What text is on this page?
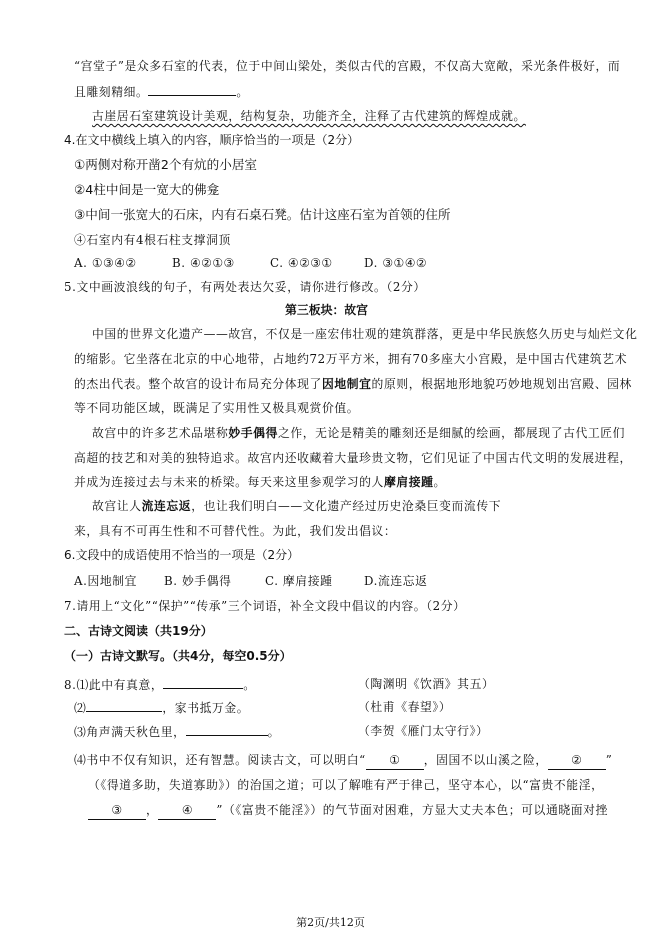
“宫堂子”是众多石室的代表，位于中间山梁处，类似古代的宫殿，不仅高大宽敞，采光条件极好，而
且雕刻精细。	。
古崖居石室建筑设计美观，结构复杂，功能齐全，注释了古代建筑的辉煌成就。
4.在文中横线上填入的内容，顺序恰当的一项是（2分）
①两侧对称开凿2个有炕的小居室
②4柱中间是一宽大的佛龛
③中间一张宽大的石床，内有石桌石凳。估计这座石室为首领的住所
④石室内有4根石柱支撑洞顶
A. ①③④②	B. ④②①③	C. ④②③①	D. ③①④②
5.文中画波浪线的句子，有两处表达欠妥，请你进行修改。（2分）
第三板块：故宫
中国的世界文化遗产——故宫，不仅是一座宏伟壮观的建筑群落，更是中华民族悠久历史与灿烂文化
的缩影。它坐落在北京的中心地带，占地约72万平方米，拥有70多座大小宫殿，是中国古代建筑艺术
的杰出代表。整个故宫的设计布局充分体现了因地制宜的原则，根据地形地貌巧妙地规划出宫殿、园林
等不同功能区域，既满足了实用性又极具观赏价值。
故宫中的许多艺术品堪称妙手偶得之作，无论是精美的雕刻还是细腻的绘画，都展现了古代工匠们
高超的技艺和对美的独特追求。故宫内还收藏着大量珍贵文物，它们见证了中国古代文明的发展进程，
并成为连接过去与未来的桥梁。每天来这里参观学习的人摩肩接踵。
故宫让人流连忘返，也让我们明白——文化遗产经过历史沧桑巨变而流传下
来，具有不可再生性和不可替代性。为此，我们发出倡议：
6.文段中的成语使用不恰当的一项是（2分）
A.因地制宜 B. 妙手偶得	C. 摩肩接踵	D.流连忘返
7.请用上“文化”“保护”“传承”三个词语，补全文段中倡议的内容。（2分）
二、古诗文阅读（共19分）
（一）古诗文默写。（共4分，每空0.5分）
8.⑴此中有真意，	。	（陶渊明《饮酒》其五）
⑵	，家书抵万金。	（杜甫《春望》）
⑶角声满天秋色里，	。	（李贺《雁门太守行》）
⑷书中不仅有知识，还有智慧。阅读古文，可以明白“ ① ，固国不以山溪之险， ② ”
（《得道多助，失道寡助》）的治国之道；可以了解唯有严于律己，坚守本心，以“富贵不能淫，
③ ， ④ ”（《富贵不能淫》）的气节面对困难，方显大丈夫本色；可以通晓面对挫
第2页/共12页
